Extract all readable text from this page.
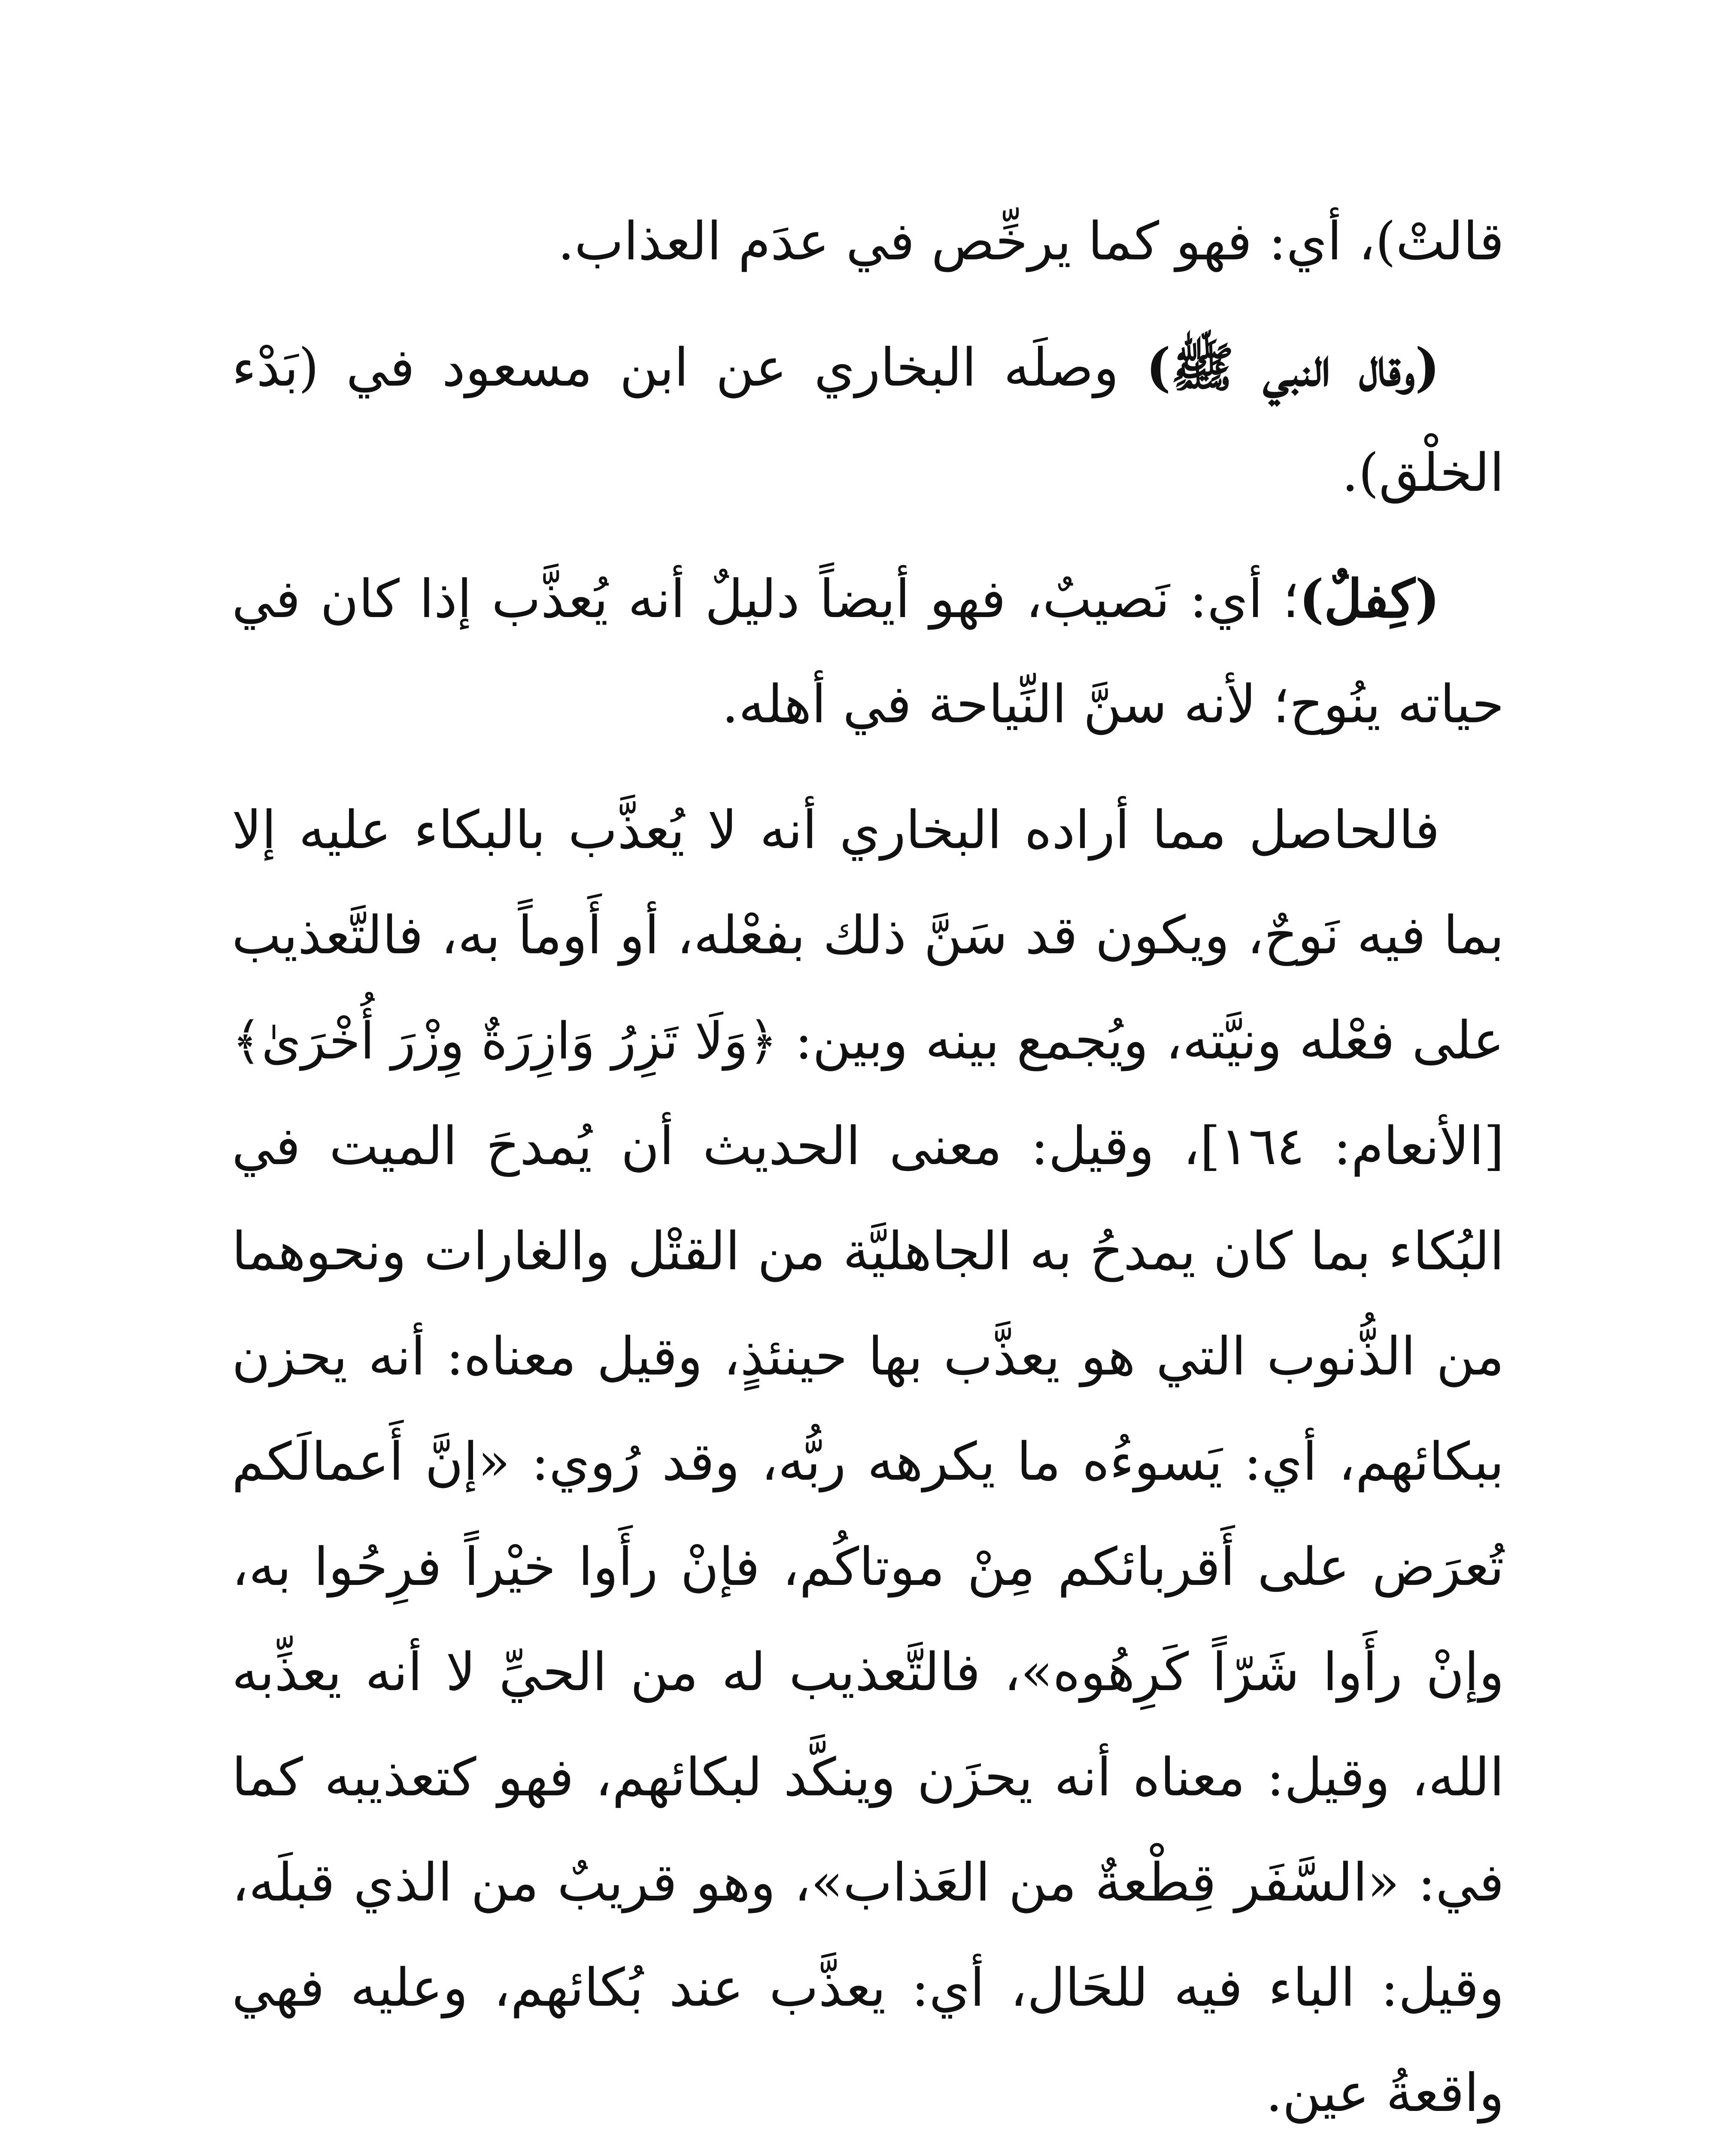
قالتْ)، أي: فهو كما يرخِّص في عدَم العذاب.

(وقال النبي ﷺ) وصلَه البخاري عن ابن مسعود في (بَدْء الخلْق).

(كِفلٌ)؛ أي: نَصيبٌ، فهو أيضاً دليلٌ أنه يُعذَّب إذا كان في حياته ينُوح؛ لأنه سنَّ النِّياحة في أهله.

فالحاصل مما أراده البخاري أنه لا يُعذَّب بالبكاء عليه إلا بما فيه نَوحٌ، ويكون قد سَنَّ ذلك بفعْله، أو أَوماً به، فالتَّعذيب على فعْله ونيَّته، ويُجمع بينه وبين: ﴿وَلَا تَزِرُ وَازِرَةٌ وِزْرَ أُخْرَىٰ﴾[الأنعام: ١٦٤]، وقيل: معنى الحديث أن يُمدحَ الميت في البُكاء بما كان يمدحُ به الجاهليَّة من القتْل والغارات ونحوهما من الذُّنوب التي هو يعذَّب بها حينئذٍ، وقيل معناه: أنه يحزن ببكائهم، أي: يَسوءُه ما يكرهه ربُّه، وقد رُوي: «إنَّ أَعمالَكم تُعرَض على أَقربائكم مِنْ موتاكُم، فإنْ رأَوا خيْراً فرِحُوا به، وإنْ رأَوا شَرّاً كَرِهُوه»، فالتَّعذيب له من الحيِّ لا أنه يعذِّبه الله، وقيل: معناه أنه يحزَن وينكَّد لبكائهم، فهو كتعذيبه كما في: «السَّفَر قِطْعةٌ من العَذاب»، وهو قريبٌ من الذي قبلَه، وقيل: الباء فيه للحَال، أي: يعذَّب عند بُكائهم، وعليه فهي واقعةُ عين.
